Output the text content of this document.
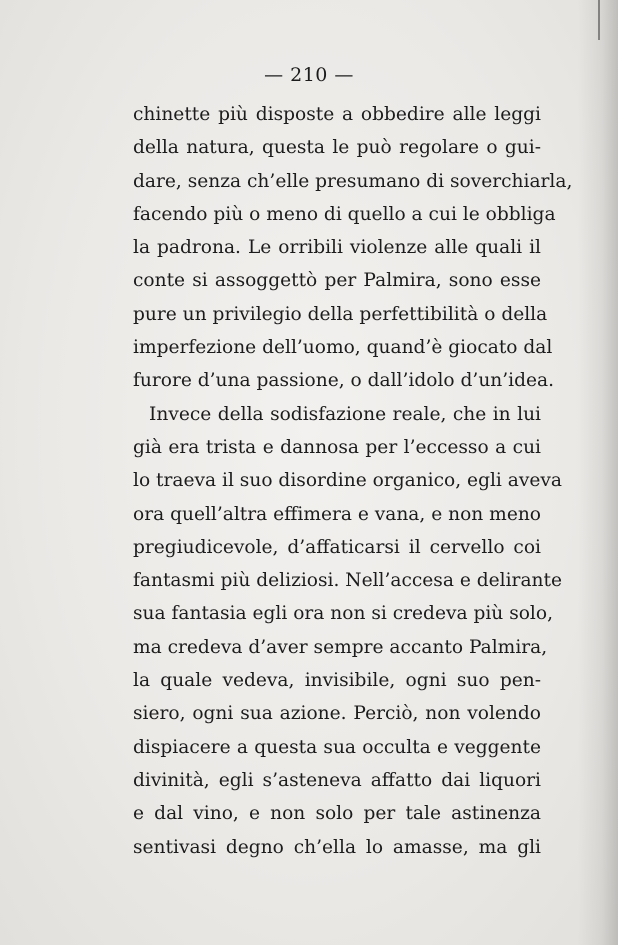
— 210 —
chinette più disposte a obbedire alle leggi
della natura, questa le può regolare o gui-
dare, senza ch’elle presumano di soverchiarla,
facendo più o meno di quello a cui le obbliga
la padrona. Le orribili violenze alle quali il
conte si assoggettò per Palmira, sono esse
pure un privilegio della perfettibilità o della
imperfezione dell’uomo, quand’è giocato dal
furore d’una passione, o dall’idolo d’un’idea.
Invece della sodisfazione reale, che in lui
già era trista e dannosa per l’eccesso a cui
lo traeva il suo disordine organico, egli aveva
ora quell’altra effimera e vana, e non meno
pregiudicevole, d’affaticarsi il cervello coi
fantasmi più deliziosi. Nell’accesa e delirante
sua fantasia egli ora non si credeva più solo,
ma credeva d’aver sempre accanto Palmira,
la quale vedeva, invisibile, ogni suo pen-
siero, ogni sua azione. Perciò, non volendo
dispiacere a questa sua occulta e veggente
divinità, egli s’asteneva affatto dai liquori
e dal vino, e non solo per tale astinenza
sentivasi degno ch’ella lo amasse, ma gli
